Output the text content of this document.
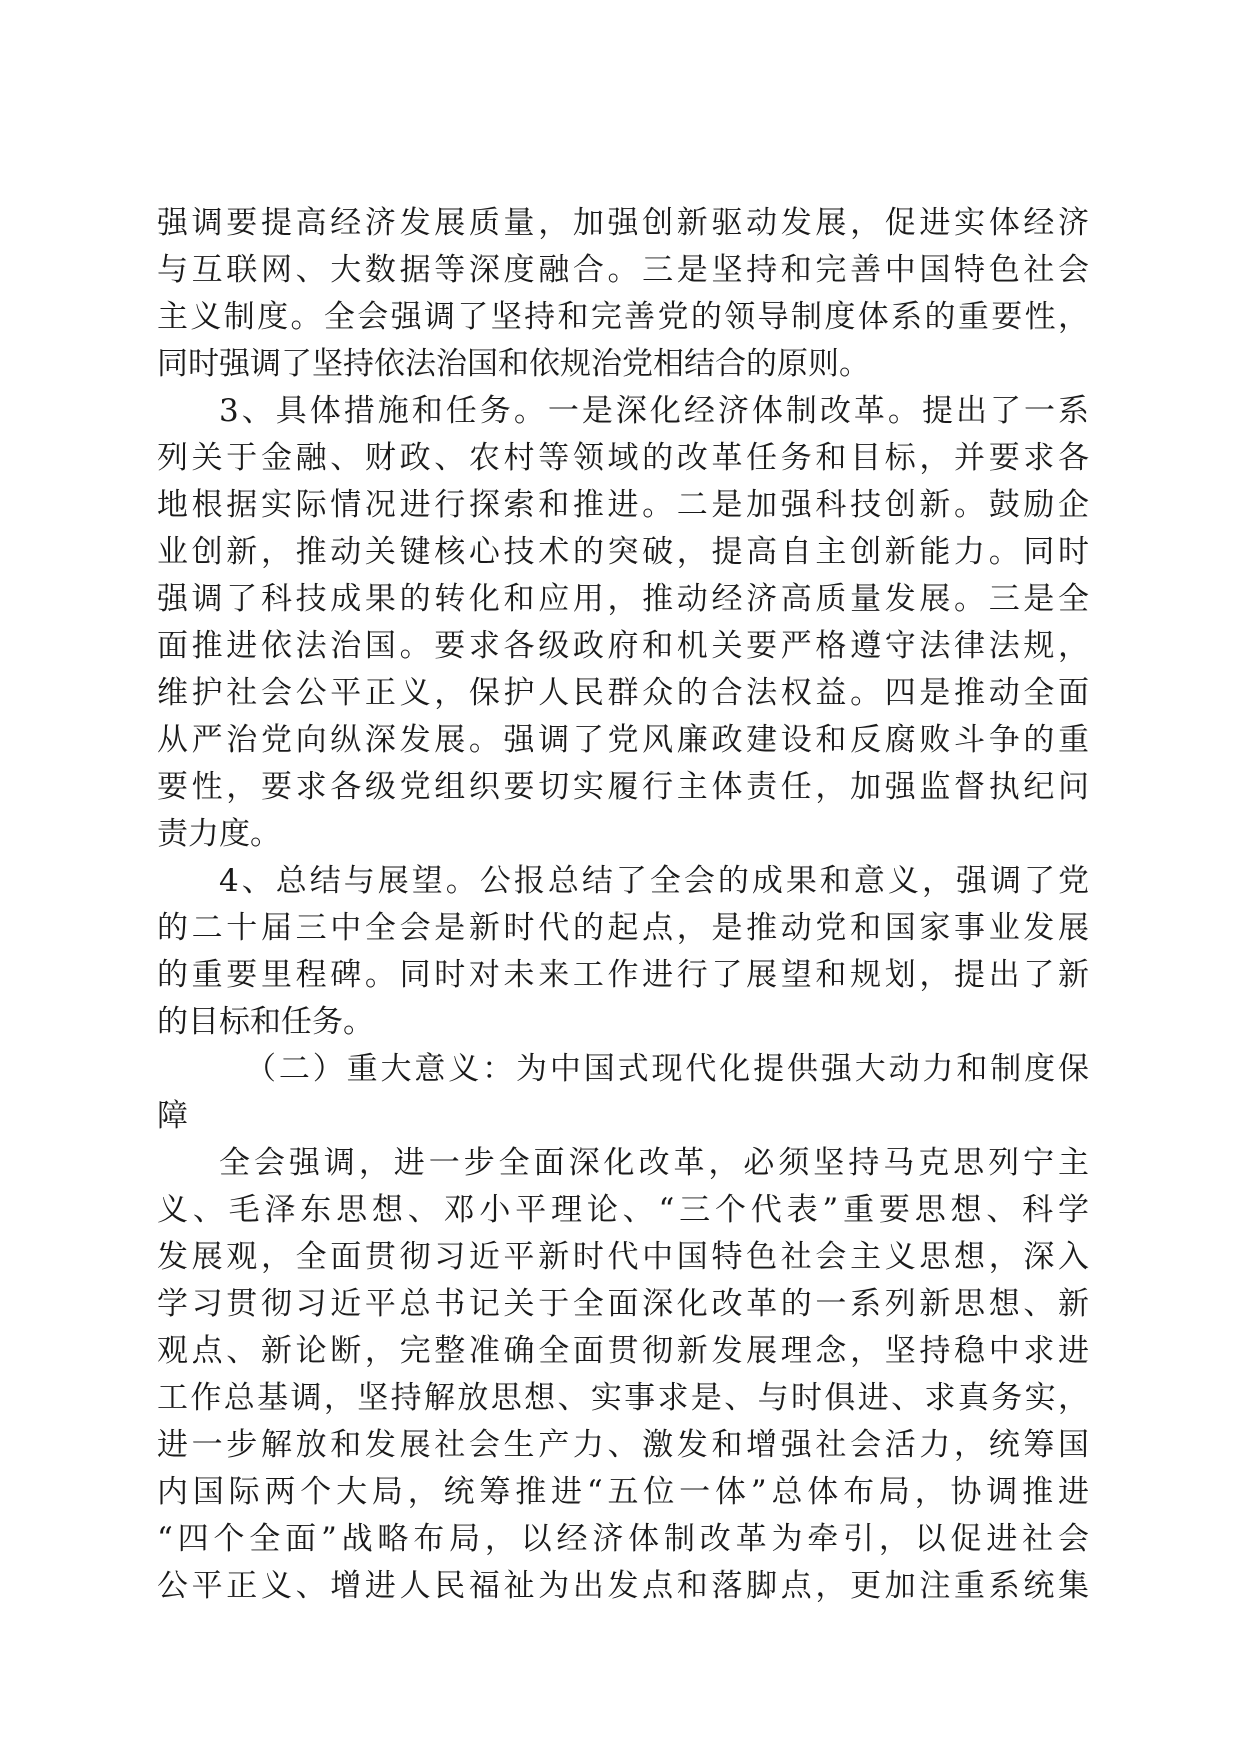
强调要提高经济发展质量，加强创新驱动发展，促进实体经济
与互联网、大数据等深度融合。三是坚持和完善中国特色社会
主义制度。全会强调了坚持和完善党的领导制度体系的重要性，
同时强调了坚持依法治国和依规治党相结合的原则。
3、具体措施和任务。一是深化经济体制改革。提出了一系
列关于金融、财政、农村等领域的改革任务和目标，并要求各
地根据实际情况进行探索和推进。二是加强科技创新。鼓励企
业创新，推动关键核心技术的突破，提高自主创新能力。同时
强调了科技成果的转化和应用，推动经济高质量发展。三是全
面推进依法治国。要求各级政府和机关要严格遵守法律法规，
维护社会公平正义，保护人民群众的合法权益。四是推动全面
从严治党向纵深发展。强调了党风廉政建设和反腐败斗争的重
要性，要求各级党组织要切实履行主体责任，加强监督执纪问
责力度。
4、总结与展望。公报总结了全会的成果和意义，强调了党
的二十届三中全会是新时代的起点，是推动党和国家事业发展
的重要里程碑。同时对未来工作进行了展望和规划，提出了新
的目标和任务。
（二）重大意义：为中国式现代化提供强大动力和制度保
障
全会强调，进一步全面深化改革，必须坚持马克思列宁主
义、毛泽东思想、邓小平理论、“三个代表”重要思想、科学
发展观，全面贯彻习近平新时代中国特色社会主义思想，深入
学习贯彻习近平总书记关于全面深化改革的一系列新思想、新
观点、新论断，完整准确全面贯彻新发展理念，坚持稳中求进
工作总基调，坚持解放思想、实事求是、与时俱进、求真务实，
进一步解放和发展社会生产力、激发和增强社会活力，统筹国
内国际两个大局，统筹推进“五位一体”总体布局，协调推进
“四个全面”战略布局，以经济体制改革为牵引，以促进社会
公平正义、增进人民福祉为出发点和落脚点，更加注重系统集
